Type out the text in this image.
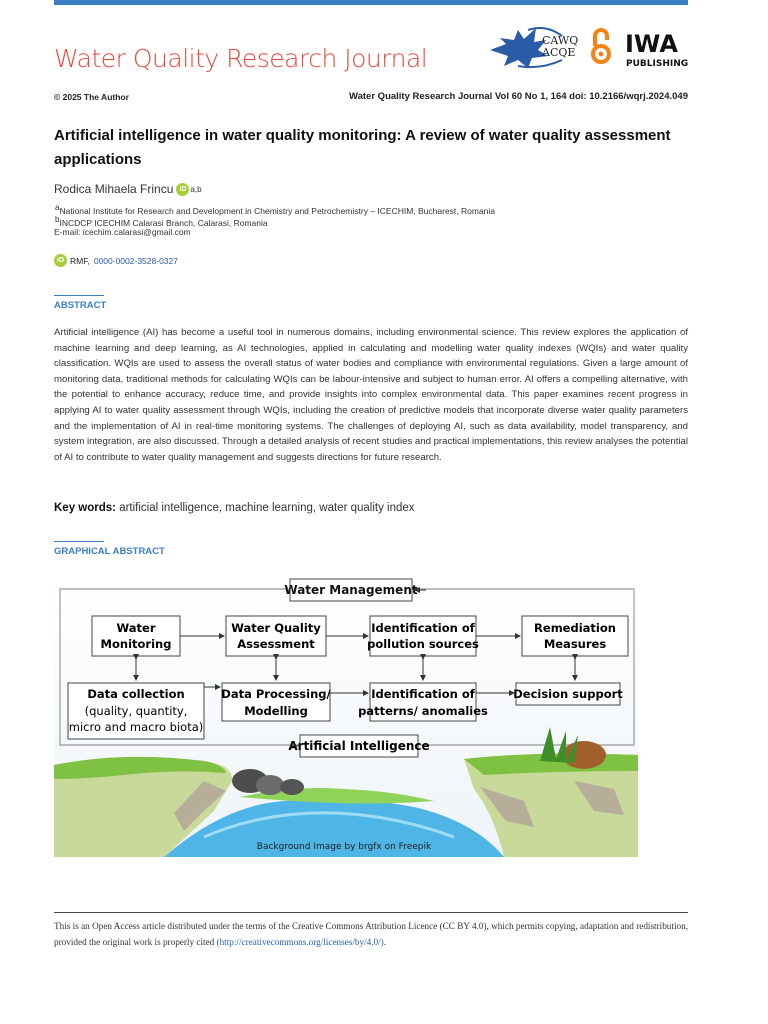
Water Quality Research Journal
CAWQ
ACQE IWA
PUBLISHING
© 2025 The Author	Water Quality Research Journal Vol 60 No 1, 164 doi: 10.2166/wqrj.2024.049
Artificial intelligence in water quality monitoring: A review of water quality assessment applications
Rodica Mihaela Frincu iD a,b
aNational Institute for Research and Development in Chemistry and Petrochemistry – ICECHIM, Bucharest, Romania
bINCDCP ICECHIM Calarasi Branch, Calarasi, Romania
E-mail: icechim.calarasi@gmail.com
iD RMF, 0000-0002-3528-0327
ABSTRACT
Artificial intelligence (AI) has become a useful tool in numerous domains, including environmental science. This review explores the application of machine learning and deep learning, as AI technologies, applied in calculating and modelling water quality indexes (WQIs) and water quality classification. WQIs are used to assess the overall status of water bodies and compliance with environmental regulations. Given a large amount of monitoring data, traditional methods for calculating WQIs can be labour-intensive and subject to human error. AI offers a compelling alternative, with the potential to enhance accuracy, reduce time, and provide insights into complex environmental data. This paper examines recent progress in applying AI to water quality assessment through WQIs, including the creation of predictive models that incorporate diverse water quality parameters and the implementation of AI in real-time monitoring systems. The challenges of deploying AI, such as data availability, model transparency, and system integration, are also discussed. Through a detailed analysis of recent studies and practical implementations, this review analyses the potential of AI to contribute to water quality management and suggests directions for future research.
Key words: artificial intelligence, machine learning, water quality index
GRAPHICAL ABSTRACT
Water Management
Water
Monitoring
Water Quality
Assessment
Identification of
pollution sources
Remediation
Measures
Data collection
(quality, quantity,
micro and macro biota)
Data Processing/
Modelling
Identification of
patterns/ anomalies
Decision support
Artificial Intelligence
Background Image by brgfx on Freepik
This is an Open Access article distributed under the terms of the Creative Commons Attribution Licence (CC BY 4.0), which permits copying, adaptation and redistribution, provided the original work is properly cited (http://creativecommons.org/licenses/by/4.0/).
